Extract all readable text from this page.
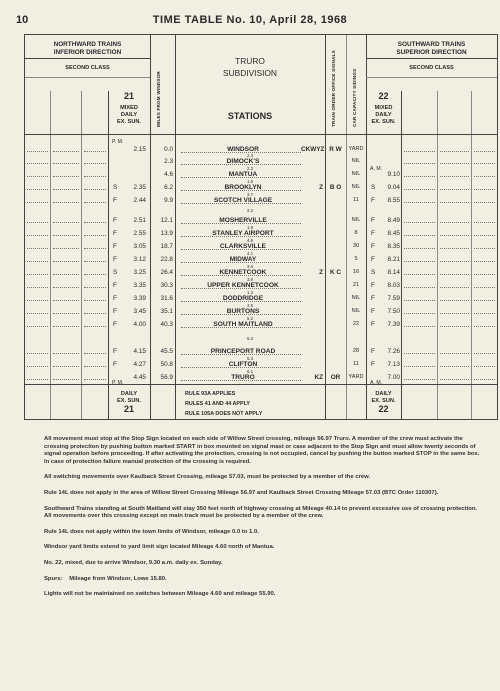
10	TIME TABLE No. 10, April 28, 1968
NORTHWARD TRAINS
INFERIOR DIRECTION
SECOND CLASS
SOUTHWARD TRAINS
SUPERIOR DIRECTION
SECOND CLASS
21
MIXED
DAILY
EX. SUN.
22
MIXED
DAILY
EX. SUN.
TRURO
SUBDIVISION
STATIONS
MILES FROM WINDSOR	TRAIN ORDER OFFICE SIGNALS	CAR CAPACITY SIDINGS
P. M.
A. M.
2.15	0.0	WINDSOR	CKWYZ R W	YARD
2.3
2.3	DIMOCK'S	NIL
2.3
4.6	MANTUA	NIL	9.10
1.6
S	2.35	6.2	BROOKLYN	Z	B O	NIL	S	9.04
3.7
F	2.44	9.9	SCOTCH VILLAGE	11	F	8.55
2.2
F	2.51	12.1	MOSHERVILLE	NIL	F	8.49
1.8
F	2.55	13.9	STANLEY AIRPORT	8	F	8.45
4.8
F	3.05	18.7	CLARKSVILLE	30	F	8.35
4.1
F	3.12	22.8	MIDWAY	5	F	8.21
3.6
S	3.25	26.4	KENNETCOOK	Z	K C	16	S	8.14
3.9
F	3.35	30.3	UPPER KENNETCOOK	21	F	8.03
1.3
F	3.39	31.6	DODDRIDGE	NIL	F	7.59
3.5
F	3.45	35.1	BURTONS	NIL	F	7.50
5.2
F	4.00	40.3	SOUTH MAITLAND	22	F	7.39
5.2
F	4.15	45.5	PRINCEPORT ROAD	28	F	7.26
5.3
F	4.27	50.8	CLIFTON	11	F	7.13
6.1
4.45	56.9	TRURO	KZ	OR	YARD	7.00
P. M.	A. M.
DAILY
EX. SUN.
21
DAILY
EX. SUN.
22
RULE 93A APPLIES
RULES 41 AND 44 APPLY
RULE 105A DOES NOT APPLY

All movement must stop at the Stop Sign located on each side of Willow Street crossing, mileage 56.97 Truro. A member of the crew must activate the crossing protection by pushing button marked START in box mounted on signal mast or case adjacent to the Stop Sign and must allow twenty seconds of signal operation before proceeding. If after activating the protection, crossing is not occupied, cancel by pushing the button marked STOP in the same box. In case of protection failure manual protection of the crossing is required.

All switching movements over Kaulback Street Crossing, mileage 57.03, must be protected by a member of the crew.

Rule 14L does not apply in the area of Willow Street Crossing Mileage 56.97 and Kaulback Street Crossing Mileage 57.03 (BTC Order 110307).

Southward Trains standing at South Maitland will stay 350 feet north of highway crossing at Mileage 40.14 to prevent excessive use of crossing protection. All movements over this crossing except on main track must be protected by a member of the crew.

Rule 14L does not apply within the town limits of Windsor, mileage 0.0 to 1.0.

Windsor yard limits extend to yard limit sign located Mileage 4.60 north of Mantua.

No. 22, mixed, due to arrive Windsor, 9.30 a.m. daily ex. Sunday.

Spurs:    Mileage from Windsor, Lowe 15.80.

Lights will not be maintained on switches between Mileage 4.60 and mileage 55.90.
